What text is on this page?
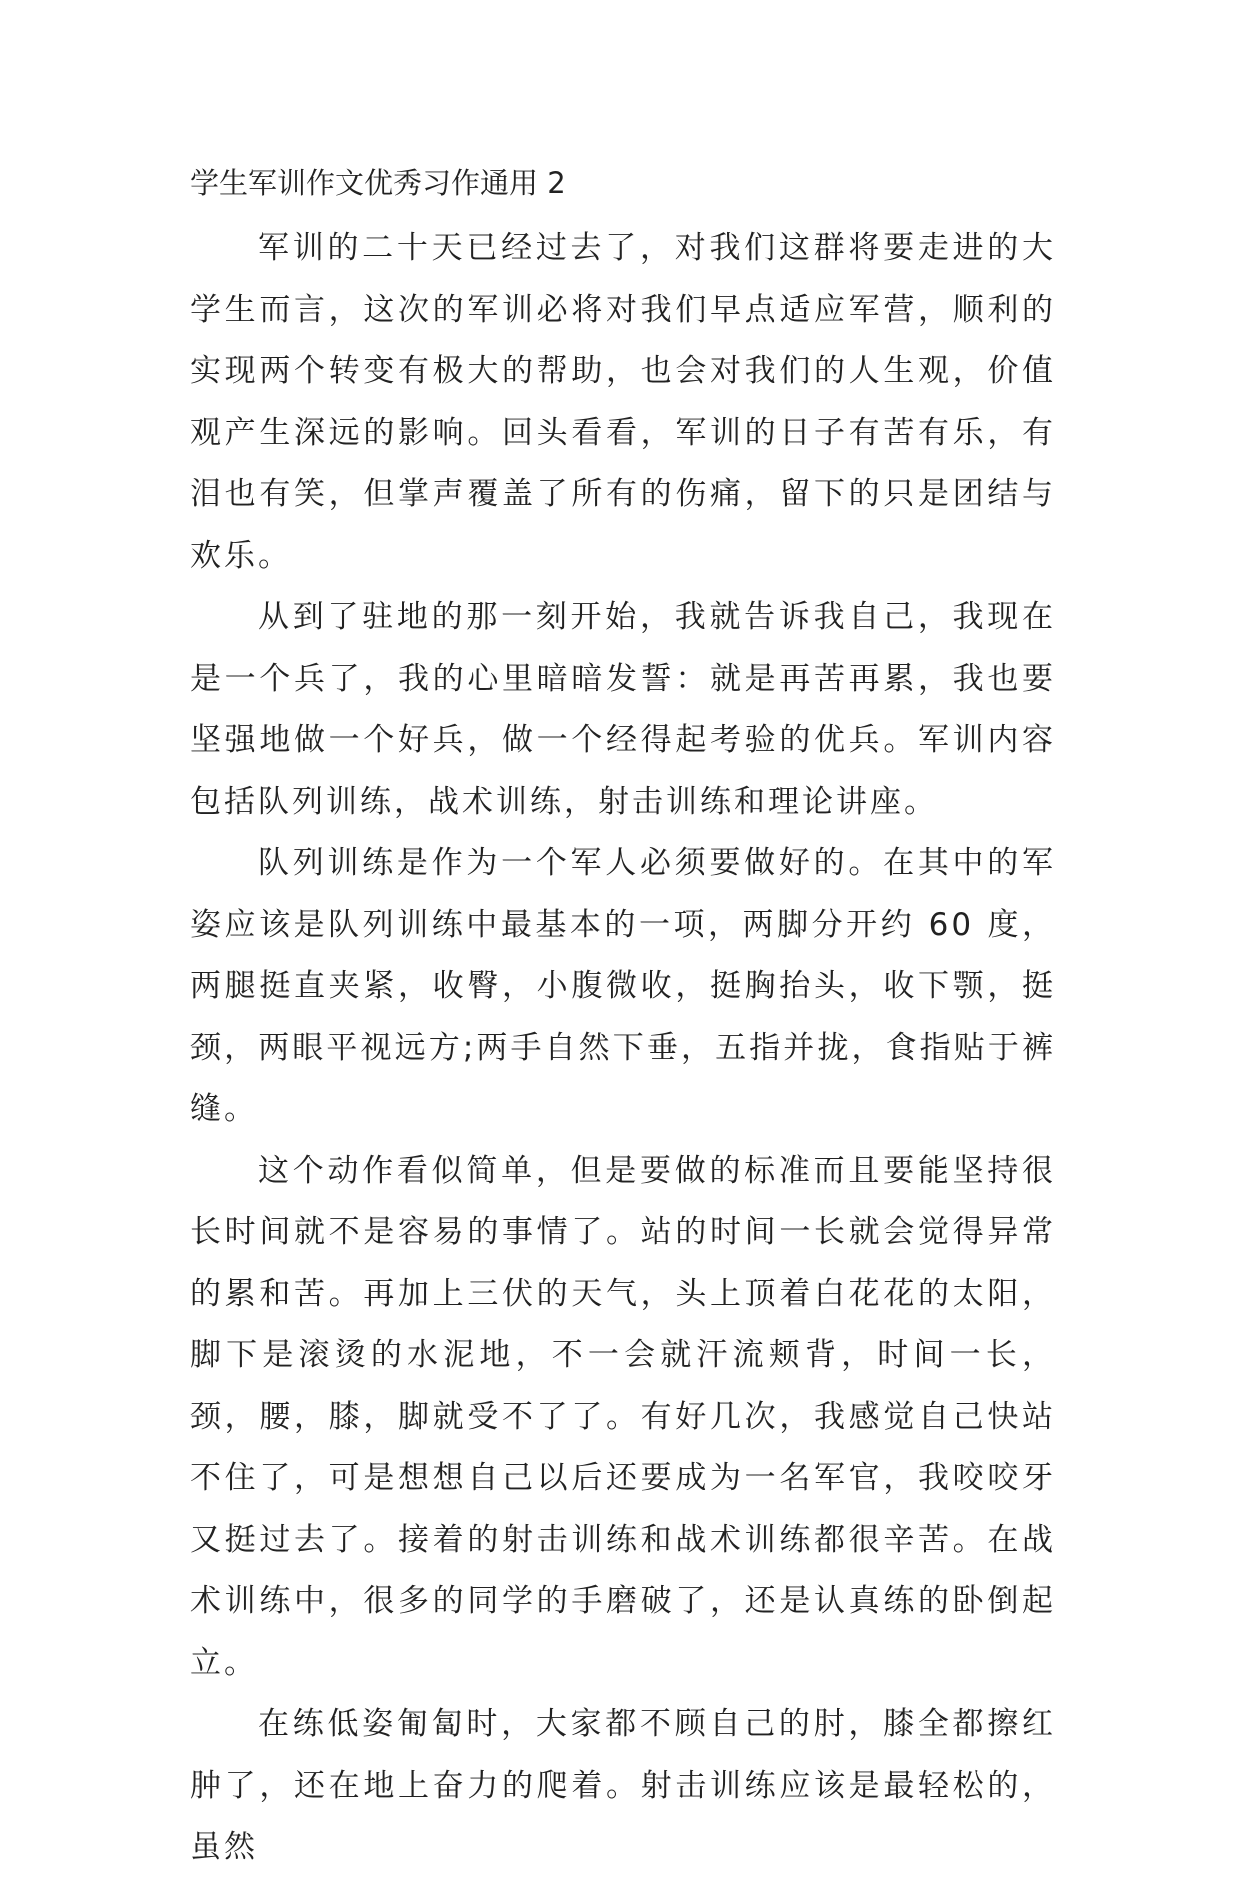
学生军训作文优秀习作通用 2

军训的二十天已经过去了，对我们这群将要走进的大学生而言，这次的军训必将对我们早点适应军营，顺利的实现两个转变有极大的帮助，也会对我们的人生观，价值观产生深远的影响。回头看看，军训的日子有苦有乐，有泪也有笑，但掌声覆盖了所有的伤痛，留下的只是团结与欢乐。

从到了驻地的那一刻开始，我就告诉我自己，我现在是一个兵了，我的心里暗暗发誓：就是再苦再累，我也要坚强地做一个好兵，做一个经得起考验的优兵。军训内容包括队列训练，战术训练，射击训练和理论讲座。

队列训练是作为一个军人必须要做好的。在其中的军姿应该是队列训练中最基本的一项，两脚分开约 60 度，两腿挺直夹紧，收臀，小腹微收，挺胸抬头，收下颚，挺颈，两眼平视远方;两手自然下垂，五指并拢，食指贴于裤缝。

这个动作看似简单，但是要做的标准而且要能坚持很长时间就不是容易的事情了。站的时间一长就会觉得异常的累和苦。再加上三伏的天气，头上顶着白花花的太阳，脚下是滚烫的水泥地，不一会就汗流颊背，时间一长，颈，腰，膝，脚就受不了了。有好几次，我感觉自己快站不住了，可是想想自己以后还要成为一名军官，我咬咬牙又挺过去了。接着的射击训练和战术训练都很辛苦。在战术训练中，很多的同学的手磨破了，还是认真练的卧倒起立。

在练低姿匍匐时，大家都不顾自己的肘，膝全都擦红肿了，还在地上奋力的爬着。射击训练应该是最轻松的，虽然
